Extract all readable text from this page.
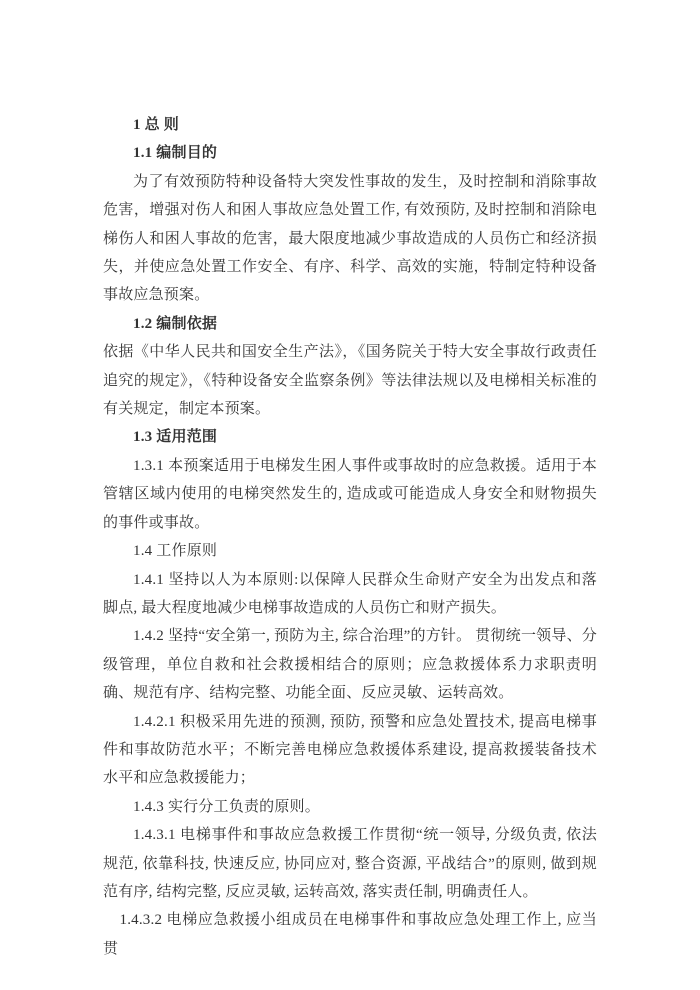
1 总 则

1.1 编制目的

为了有效预防特种设备特大突发性事故的发生，及时控制和消除事故危害，增强对伤人和困人事故应急处置工作, 有效预防, 及时控制和消除电梯伤人和困人事故的危害，最大限度地减少事故造成的人员伤亡和经济损失，并使应急处置工作安全、有序、科学、高效的实施，特制定特种设备事故应急预案。

1.2 编制依据

依据《中华人民共和国安全生产法》，《国务院关于特大安全事故行政责任追究的规定》，《特种设备安全监察条例》等法律法规以及电梯相关标准的有关规定，制定本预案。

1.3 适用范围

1.3.1 本预案适用于电梯发生困人事件或事故时的应急救援。适用于本管辖区域内使用的电梯突然发生的, 造成或可能造成人身安全和财物损失的事件或事故。

1.4 工作原则

1.4.1 坚持以人为本原则:以保障人民群众生命财产安全为出发点和落脚点, 最大程度地减少电梯事故造成的人员伤亡和财产损失。

1.4.2 坚持“安全第一, 预防为主, 综合治理”的方针。 贯彻统一领导、分级管理，单位自救和社会救援相结合的原则；应急救援体系力求职责明确、规范有序、结构完整、功能全面、反应灵敏、运转高效。

1.4.2.1 积极采用先进的预测, 预防, 预警和应急处置技术, 提高电梯事件和事故防范水平；不断完善电梯应急救援体系建设, 提高救援装备技术水平和应急救援能力；

1.4.3 实行分工负责的原则。

1.4.3.1 电梯事件和事故应急救援工作贯彻“统一领导, 分级负责, 依法规范, 依靠科技, 快速反应, 协同应对, 整合资源, 平战结合”的原则, 做到规范有序, 结构完整, 反应灵敏, 运转高效, 落实责任制, 明确责任人。

1.4.3.2 电梯应急救援小组成员在电梯事件和事故应急处理工作上, 应当贯
